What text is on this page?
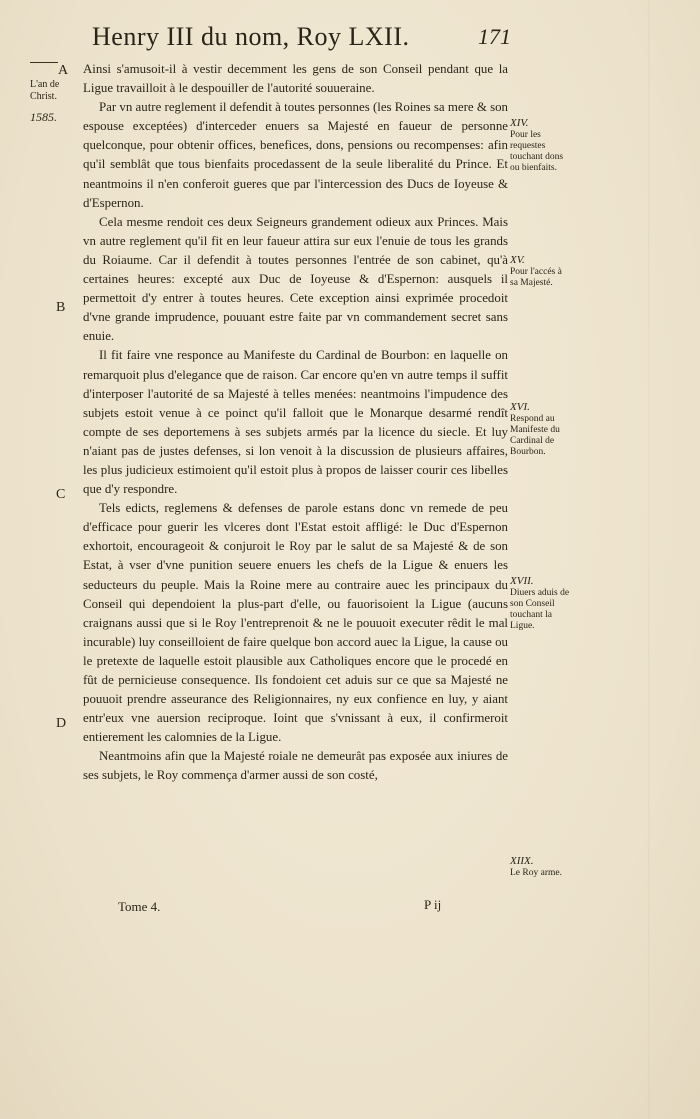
Henry III du nom, Roy LXII.	171
A
L'an de Christ.
1585.
B
C
D

Ainsi s'amusoit-il à vestir decemment les gens de son Conseil pendant que la Ligue travailloit à le despouiller de l'autorité souueraine.

Par vn autre reglement il defendit à toutes personnes (les Roines sa mere & son espouse exceptées) d'interceder enuers sa Majesté en faueur de personne quelconque, pour obtenir offices, benefices, dons, pensions ou recompenses: afin qu'il semblât que tous bienfaits procedassent de la seule liberalité du Prince. Et neantmoins il n'en conferoit gueres que par l'intercession des Ducs de Ioyeuse & d'Espernon.

Cela mesme rendoit ces deux Seigneurs grandement odieux aux Princes. Mais vn autre reglement qu'il fit en leur faueur attira sur eux l'enuie de tous les grands du Roiaume. Car il defendit à toutes personnes l'entrée de son cabinet, qu'à certaines heures: excepté aux Duc de Ioyeuse & d'Espernon: ausquels il permettoit d'y entrer à toutes heures. Cete exception ainsi exprimée procedoit d'vne grande imprudence, pouuant estre faite par vn commandement secret sans enuie.

Il fit faire vne responce au Manifeste du Cardinal de Bourbon: en laquelle on remarquoit plus d'elegance que de raison. Car encore qu'en vn autre temps il suffit d'interposer l'autorité de sa Majesté à telles menées: neantmoins l'impudence des subjets estoit venue à ce poinct qu'il falloit que le Monarque desarmé rendît compte de ses deportemens à ses subjets armés par la licence du siecle. Et luy n'aiant pas de justes defenses, si lon venoit à la discussion de plusieurs affaires, les plus judicieux estimoient qu'il estoit plus à propos de laisser courir ces libelles que d'y respondre.

Tels edicts, reglemens & defenses de parole estans donc vn remede de peu d'efficace pour guerir les vlceres dont l'Estat estoit affligé: le Duc d'Espernon exhortoit, encourageoit & conjuroit le Roy par le salut de sa Majesté & de son Estat, à vser d'vne punition seuere enuers les chefs de la Ligue & enuers les seducteurs du peuple. Mais la Roine mere au contraire auec les principaux du Conseil qui dependoient la plus-part d'elle, ou fauorisoient la Ligue (aucuns craignans aussi que si le Roy l'entreprenoit & ne le pouuoit executer rêdit le mal incurable) luy conseilloient de faire quelque bon accord auec la Ligue, la cause ou le pretexte de laquelle estoit plausible aux Catholiques encore que le procedé en fût de pernicieuse consequence. Ils fondoient cet aduis sur ce que sa Majesté ne pouuoit prendre asseurance des Religionnaires, ny eux confience en luy, y aiant entr'eux vne auersion reciproque. Ioint que s'vnissant à eux, il confirmeroit entierement les calomnies de la Ligue.

Neantmoins afin que la Majesté roiale ne demeurât pas exposée aux iniures de ses subjets, le Roy commença d'armer aussi de son costé,

XIV.
Pour les requestes touchant dons ou bienfaits.
XV.
Pour l'accés à sa Majesté.
XVI.
Respond au Manifeste du Cardinal de Bourbon.
XVII.
Diuers aduis de son Conseil touchant la Ligue.
XIIX.
Le Roy arme.
Tome 4.	P ij
